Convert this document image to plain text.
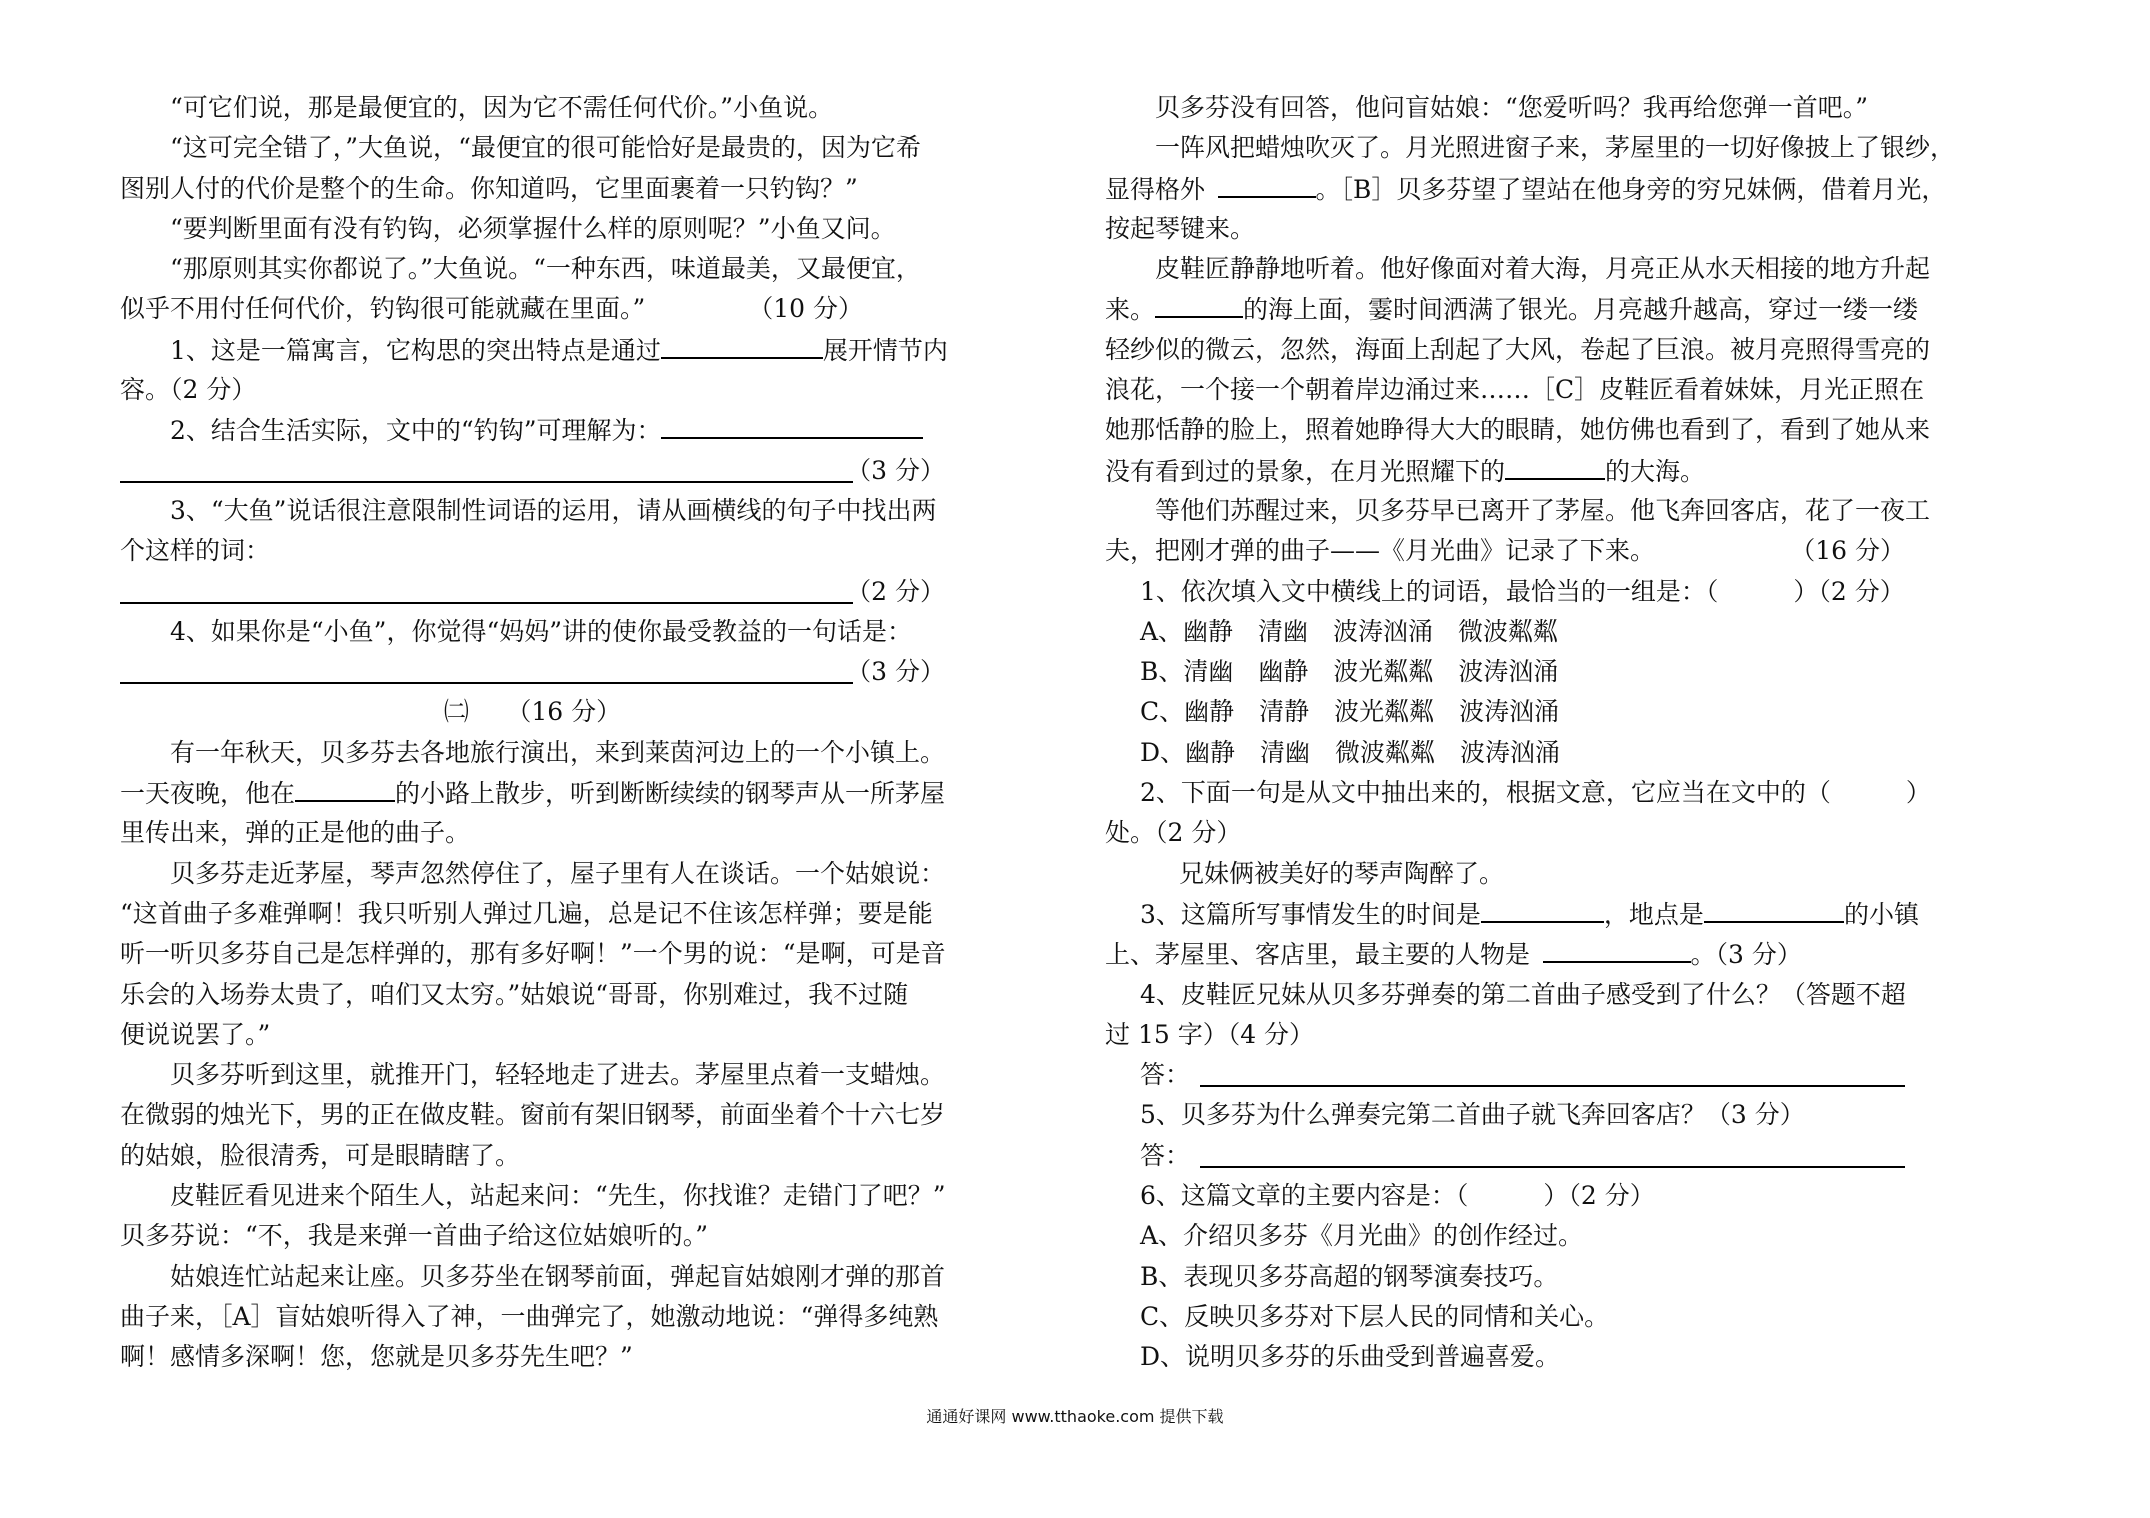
“可它们说，那是最便宜的，因为它不需任何代价。”小鱼说。
“这可完全错了，”大鱼说，“最便宜的很可能恰好是最贵的，因为它希
图别人付的代价是整个的生命。你知道吗，它里面裹着一只钓钩？”
“要判断里面有没有钓钩，必须掌握什么样的原则呢？”小鱼又问。
“那原则其实你都说了。”大鱼说。“一种东西，味道最美，又最便宜，
似乎不用付任何代价，钓钩很可能就藏在里面。”	（10 分）
1、这是一篇寓言，它构思的突出特点是通过	展开情节内
容。（2 分）
2、结合生活实际，文中的“钓钩”可理解为：
（3 分）
3、“大鱼”说话很注意限制性词语的运用，请从画横线的句子中找出两
个这样的词：
（2 分）
4、如果你是“小鱼”，你觉得“妈妈”讲的使你最受教益的一句话是：
（3 分）
㈡　　（16 分）
有一年秋天，贝多芬去各地旅行演出，来到莱茵河边上的一个小镇上。
一天夜晚，他在	的小路上散步，听到断断续续的钢琴声从一所茅屋
里传出来，弹的正是他的曲子。
贝多芬走近茅屋，琴声忽然停住了，屋子里有人在谈话。一个姑娘说：
“这首曲子多难弹啊！我只听别人弹过几遍，总是记不住该怎样弹；要是能
听一听贝多芬自己是怎样弹的，那有多好啊！”一个男的说：“是啊，可是音
乐会的入场券太贵了，咱们又太穷。”姑娘说“哥哥，你别难过，我不过随
便说说罢了。”
贝多芬听到这里，就推开门，轻轻地走了进去。茅屋里点着一支蜡烛。
在微弱的烛光下，男的正在做皮鞋。窗前有架旧钢琴，前面坐着个十六七岁
的姑娘，脸很清秀，可是眼睛瞎了。
皮鞋匠看见进来个陌生人，站起来问：“先生，你找谁？走错门了吧？”
贝多芬说：“不，我是来弹一首曲子给这位姑娘听的。”
姑娘连忙站起来让座。贝多芬坐在钢琴前面，弹起盲姑娘刚才弹的那首
曲子来，［A］盲姑娘听得入了神，一曲弹完了，她激动地说：“弹得多纯熟
啊！感情多深啊！您，您就是贝多芬先生吧？”
贝多芬没有回答，他问盲姑娘：“您爱听吗？我再给您弹一首吧。”
一阵风把蜡烛吹灭了。月光照进窗子来，茅屋里的一切好像披上了银纱，
显得格外 	。［B］贝多芬望了望站在他身旁的穷兄妹俩，借着月光，
按起琴键来。
皮鞋匠静静地听着。他好像面对着大海，月亮正从水天相接的地方升起
来。	的海上面，霎时间洒满了银光。月亮越升越高，穿过一缕一缕
轻纱似的微云，忽然，海面上刮起了大风，卷起了巨浪。被月亮照得雪亮的
浪花，一个接一个朝着岸边涌过来……［C］皮鞋匠看着妹妹，月光正照在
她那恬静的脸上，照着她睁得大大的眼睛，她仿佛也看到了，看到了她从来
没有看到过的景象，在月光照耀下的	的大海。
等他们苏醒过来，贝多芬早已离开了茅屋。他飞奔回客店，花了一夜工
夫，把刚才弹的曲子——《月光曲》记录了下来。	（16 分）
1、依次填入文中横线上的词语，最恰当的一组是：（　　　）（2 分）
A、幽静　清幽　波涛汹涌　微波粼粼
B、清幽　幽静　波光粼粼　波涛汹涌
C、幽静　清静　波光粼粼　波涛汹涌
D、幽静　清幽　微波粼粼　波涛汹涌
2、下面一句是从文中抽出来的，根据文意，它应当在文中的（　　　）
处。（2 分）
兄妹俩被美好的琴声陶醉了。
3、这篇所写事情发生的时间是	，地点是	的小镇
上、茅屋里、客店里，最主要的人物是 	。（3 分）
4、皮鞋匠兄妹从贝多芬弹奏的第二首曲子感受到了什么？（答题不超
过 15 字）（4 分）
答：
5、贝多芬为什么弹奏完第二首曲子就飞奔回客店？（3 分）
答：
6、这篇文章的主要内容是：（　　　）（2 分）
A、介绍贝多芬《月光曲》的创作经过。
B、表现贝多芬高超的钢琴演奏技巧。
C、反映贝多芬对下层人民的同情和关心。
D、说明贝多芬的乐曲受到普遍喜爱。
通通好课网 www.tthaoke.com 提供下载
